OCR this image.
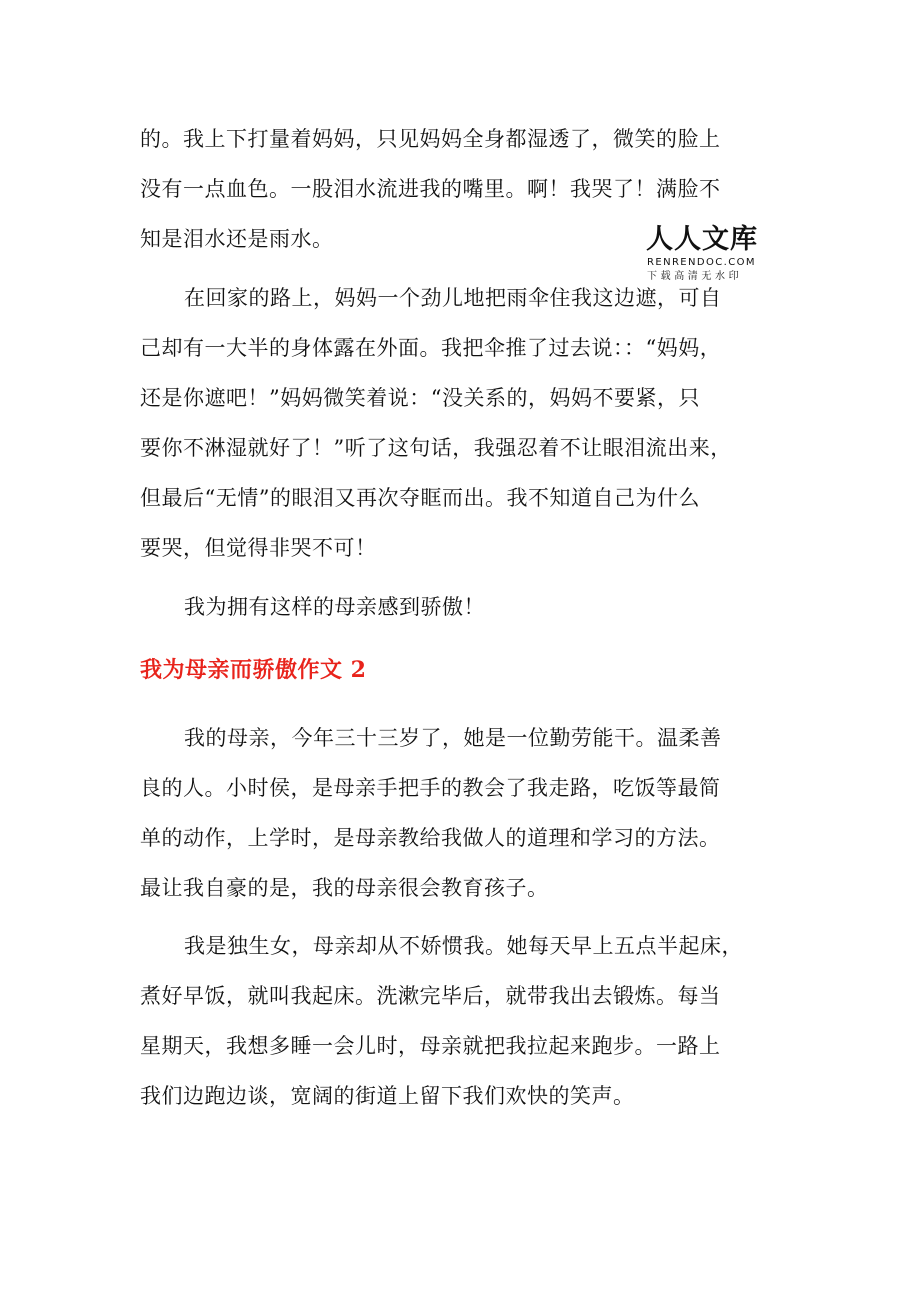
的。我上下打量着妈妈，只见妈妈全身都湿透了，微笑的脸上
没有一点血色。一股泪水流进我的嘴里。啊！我哭了！满脸不
知是泪水还是雨水。	人人文库
RENRENDOC.COM
下载高清无水印
在回家的路上，妈妈一个劲儿地把雨伞住我这边遮，可自
己却有一大半的身体露在外面。我把伞推了过去说：：“妈妈，
还是你遮吧！”妈妈微笑着说：“没关系的，妈妈不要紧，只
要你不淋湿就好了！”听了这句话，我强忍着不让眼泪流出来，
但最后“无情”的眼泪又再次夺眶而出。我不知道自己为什么
要哭，但觉得非哭不可！
我为拥有这样的母亲感到骄傲！
我为母亲而骄傲作文 2
我的母亲，今年三十三岁了，她是一位勤劳能干。温柔善
良的人。小时侯，是母亲手把手的教会了我走路，吃饭等最简
单的动作，上学时，是母亲教给我做人的道理和学习的方法。
最让我自豪的是，我的母亲很会教育孩子。
我是独生女，母亲却从不娇惯我。她每天早上五点半起床，
煮好早饭，就叫我起床。洗漱完毕后，就带我出去锻炼。每当
星期天，我想多睡一会儿时，母亲就把我拉起来跑步。一路上
我们边跑边谈，宽阔的街道上留下我们欢快的笑声。
